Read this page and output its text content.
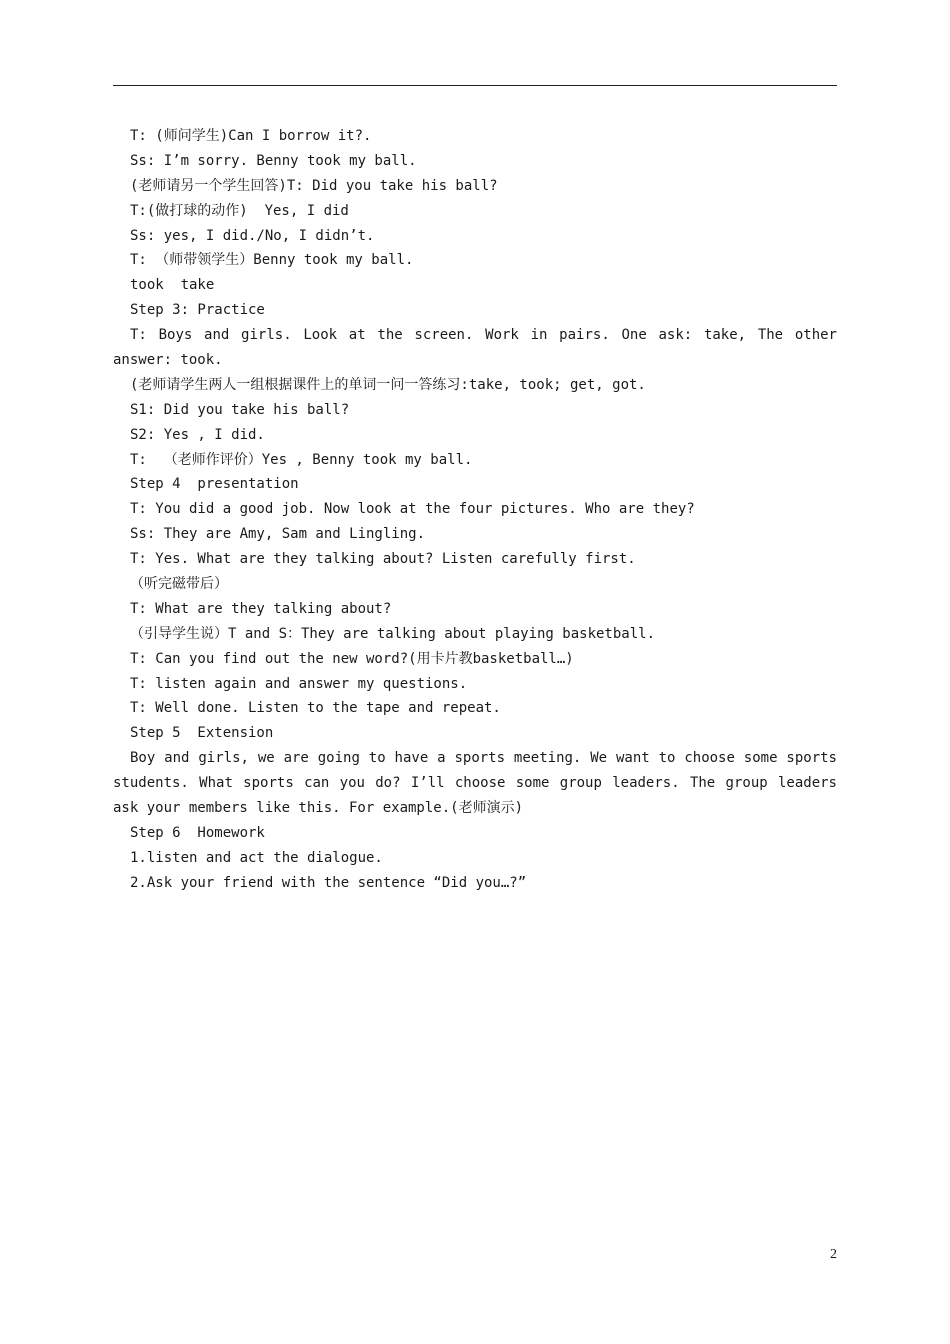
T: (师问学生)Can I borrow it?.
Ss: I’m sorry. Benny took my ball.
(老师请另一个学生回答)T: Did you take his ball?
T:(做打球的动作)  Yes, I did
Ss: yes, I did./No, I didn’t.
T: （师带领学生）Benny took my ball.
took  take
Step 3: Practice
T: Boys and girls. Look at the screen. Work in pairs. One ask: take, The other
answer: took.
(老师请学生两人一组根据课件上的单词一问一答练习:take, took; get, got.
S1: Did you take his ball?
S2: Yes , I did.
T:  （老师作评价）Yes , Benny took my ball.
Step 4  presentation
T: You did a good job. Now look at the four pictures. Who are they?
Ss: They are Amy, Sam and Lingling.
T: Yes. What are they talking about? Listen carefully first.
（听完磁带后）
T: What are they talking about?
（引导学生说）T and S：They are talking about playing basketball.
T: Can you find out the new word?(用卡片教basketball…)
T: listen again and answer my questions.
T: Well done. Listen to the tape and repeat.
Step 5  Extension
Boy and girls, we are going to have a sports meeting. We want to choose some sports
students. What sports can you do? I’ll choose some group leaders. The group leaders
ask your members like this. For example.(老师演示)
Step 6  Homework
1.listen and act the dialogue.
2.Ask your friend with the sentence “Did you…?”
2
